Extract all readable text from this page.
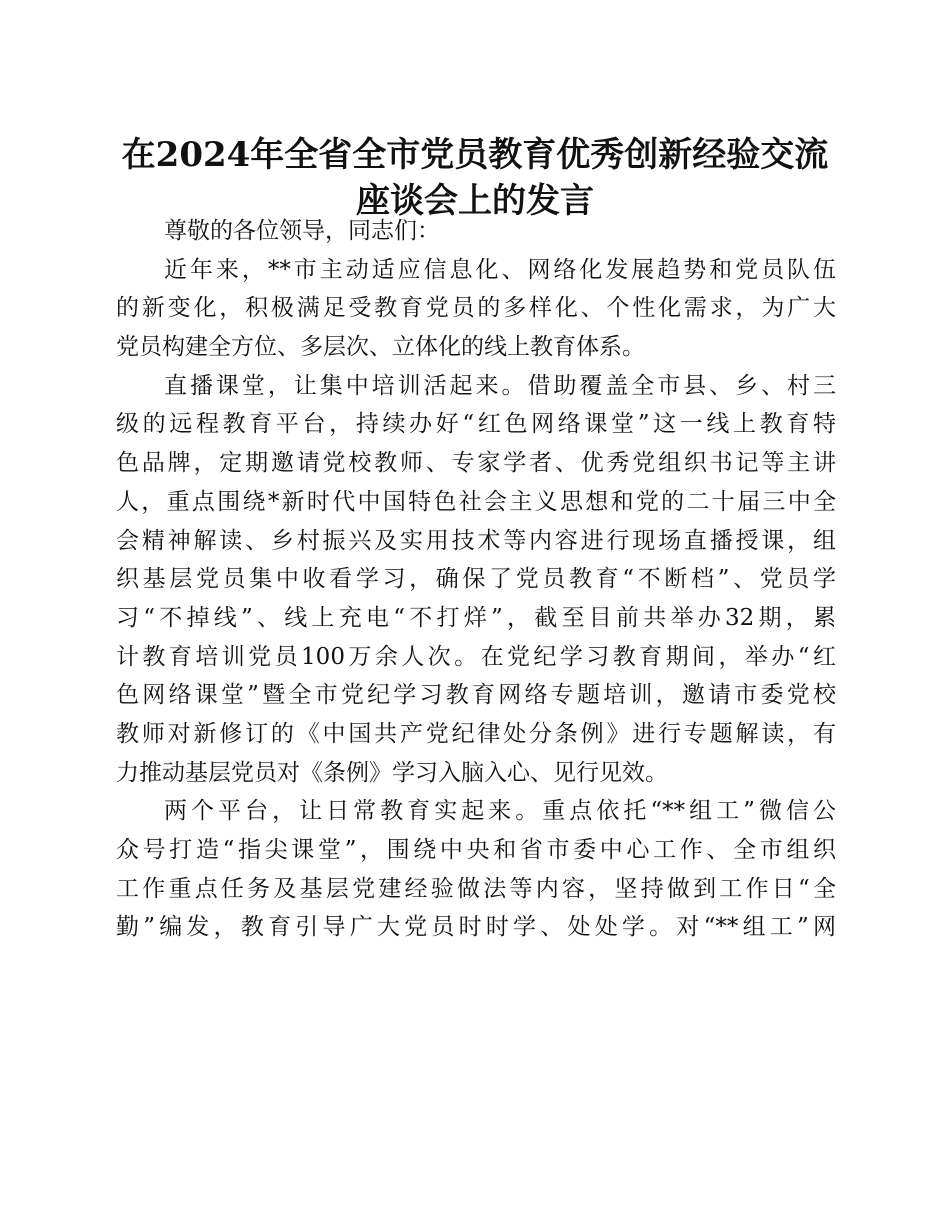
在2024年全省全市党员教育优秀创新经验交流
座谈会上的发言
尊敬的各位领导，同志们：
近年来，**市主动适应信息化、网络化发展趋势和党员队伍
的新变化，积极满足受教育党员的多样化、个性化需求，为广大
党员构建全方位、多层次、立体化的线上教育体系。
直播课堂，让集中培训活起来。借助覆盖全市县、乡、村三
级的远程教育平台，持续办好“红色网络课堂”这一线上教育特
色品牌，定期邀请党校教师、专家学者、优秀党组织书记等主讲
人，重点围绕*新时代中国特色社会主义思想和党的二十届三中全
会精神解读、乡村振兴及实用技术等内容进行现场直播授课，组
织基层党员集中收看学习，确保了党员教育“不断档”、党员学
习“不掉线”、线上充电“不打烊”，截至目前共举办32期，累
计教育培训党员100万余人次。在党纪学习教育期间，举办“红
色网络课堂”暨全市党纪学习教育网络专题培训，邀请市委党校
教师对新修订的《中国共产党纪律处分条例》进行专题解读，有
力推动基层党员对《条例》学习入脑入心、见行见效。
两个平台，让日常教育实起来。重点依托“**组工”微信公
众号打造“指尖课堂”，围绕中央和省市委中心工作、全市组织
工作重点任务及基层党建经验做法等内容，坚持做到工作日“全
勤”编发，教育引导广大党员时时学、处处学。对“**组工”网
